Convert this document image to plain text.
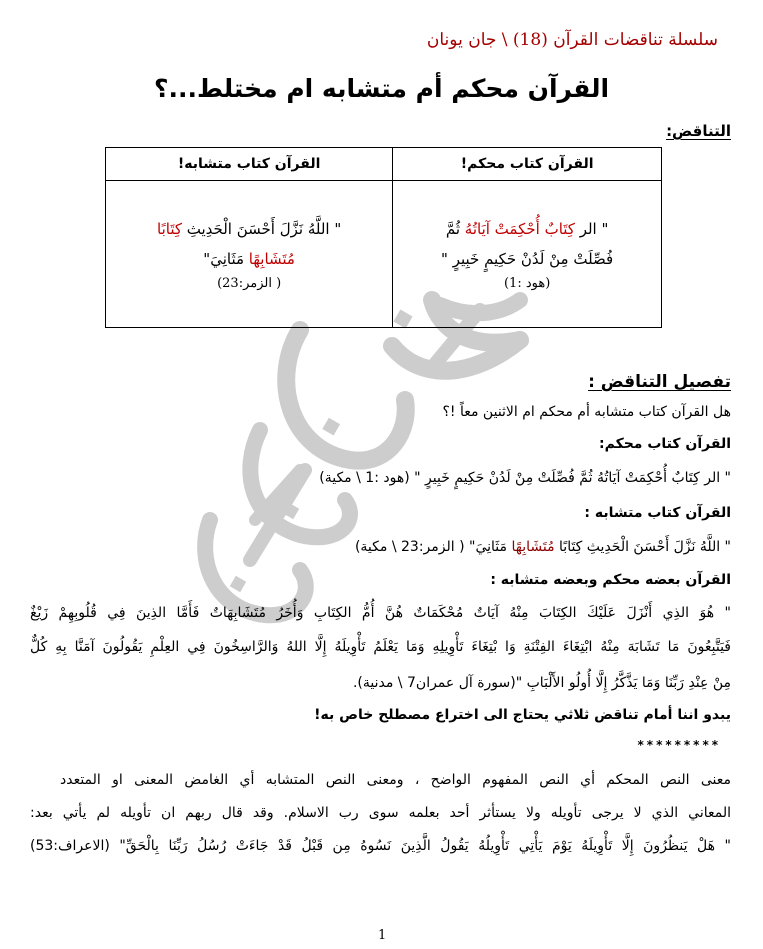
سلسلة تناقضات القرآن (18) \ جان يونان
القرآن محكم أم متشابه ام مختلط...؟
التناقض:
القرآن كتاب محكم!	القرآن كتاب متشابه!
" الر كِتَابٌ أُحْكِمَتْ آيَاتُهُ ثُمَّ
فُصِّلَتْ مِنْ لَدُنْ حَكِيمٍ خَبِيرٍ "
(هود :1)	" اللَّهُ نَزَّلَ أَحْسَنَ الْحَدِيثِ كِتَابًا
مُتَشَابِهًا مَثَانِيَ"
( الزمر:23)
تفصيل التناقض :
هل القرآن كتاب متشابه أم محكم ام الاثنين معاً !؟
القرآن كتاب محكم:
" الر كِتَابٌ أُحْكِمَتْ آيَاتُهُ ثُمَّ فُصِّلَتْ مِنْ لَدُنْ حَكِيمٍ خَبِيرٍ " (هود :1 \ مكية)
القرآن كتاب متشابه :
" اللَّهُ نَزَّلَ أَحْسَنَ الْحَدِيثِ كِتَابًا مُتَشَابِهًا مَثَانِيَ" ( الزمر:23 \ مكية)
القرآن بعضه محكم وبعضه متشابه :
" هُوَ الذِي أَنْزَلَ عَلَيْكَ الكِتَابَ مِنْهُ آيَاتٌ مُحْكَمَاتٌ هُنَّ أُمُّ الكِتَابِ وَأُخَرُ مُتَشَابِهَاتٌ فَأَمَّا الذِينَ فِي قُلُوبِهِمْ زَيْغٌ
فَيَتَّبِعُونَ مَا تَشَابَهَ مِنْهُ ابْتِغَاءَ الفِتْنَةِ وَا بْتِغَاءَ تَأْوِيلِهِ وَمَا يَعْلَمُ تَأْوِيلَهُ إِلَّا اللهُ وَالرَّاسِخُونَ فِي العِلْمِ يَقُولُونَ آمَنَّا بِهِ كُلٌّ
مِنْ عِنْدِ رَبِّنَا وَمَا يَذَّكَّرُ إِلَّا أُولُو الأَلْبَابِ "(سورة آل عمران7 \ مدنية).
يبدو اننا أمام تناقض ثلاثي يحتاج الى اختراع مصطلح خاص به!
*********
معنى النص المحكم أي النص المفهوم الواضح ، ومعنى النص المتشابه أي الغامض المعنى او المتعدد
المعاني الذي لا يرجى تأويله ولا يستأثر أحد بعلمه سوى رب الاسلام. وقد قال ربهم ان تأويله لم يأتي بعد:
" هَلْ يَنظُرُونَ إِلَّا تَأْوِيلَهُ يَوْمَ يَأْتِي تَأْوِيلُهُ يَقُولُ الَّذِينَ نَسُوهُ مِن قَبْلُ قَدْ جَاءَتْ رُسُلُ رَبِّنَا بِالْحَقِّ" (الاعراف:53)
1
